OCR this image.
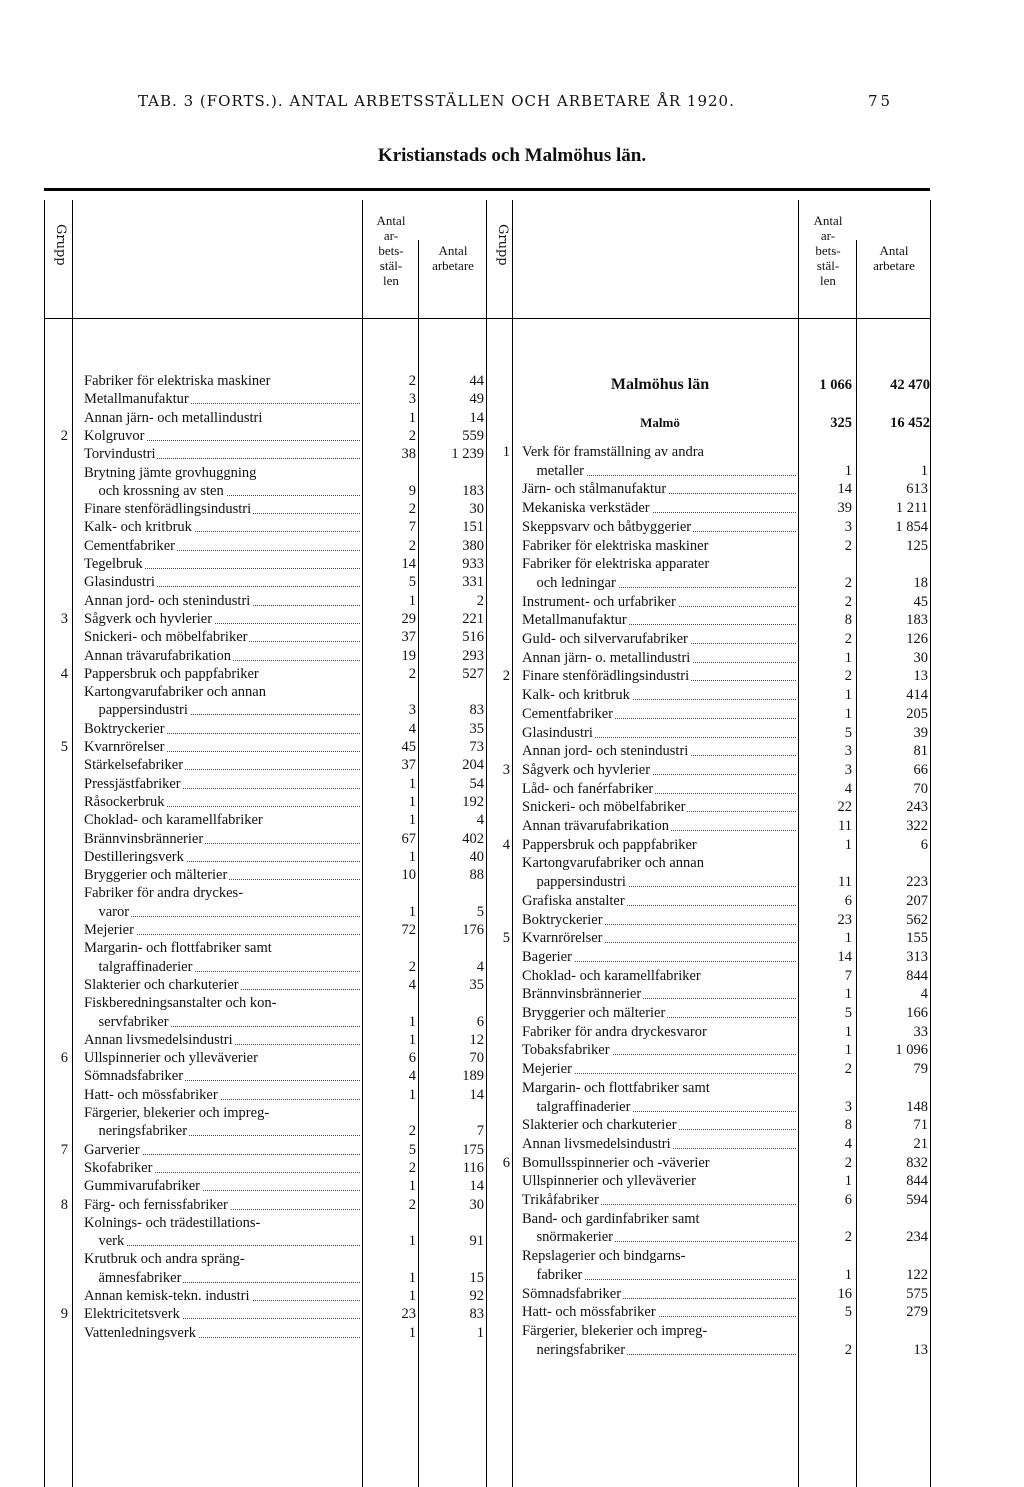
TAB. 3 (FORTS.). ANTAL ARBETSSTÄLLEN OCH ARBETARE ÅR 1920.	75
Kristianstads och Malmöhus län.
Grupp	Grupp
Antal
ar-
bets-
stäl-
len
Antal
arbetare
Antal
ar-
bets-
stäl-
len
Antal
arbetare
Malmöhus län	1 066	42 470
Malmö	325	16 452
Fabriker för elektriska maskiner	2	44
Metallmanufaktur	3	49
Annan järn- och metallindustri	1	14
2 Kolgruvor	2	559
Torvindustri	38	1 239
Brytning jämte grovhuggning
och krossning av sten	9	183
Finare stenförädlingsindustri	2	30
Kalk- och kritbruk	7	151
Cementfabriker	2	380
Tegelbruk	14	933
Glasindustri	5	331
Annan jord- och stenindustri	1	2
3 Sågverk och hyvlerier	29	221
Snickeri- och möbelfabriker	37	516
Annan trävarufabrikation	19	293
4 Pappersbruk och pappfabriker	2	527
Kartongvarufabriker och annan
pappersindustri	3	83
Boktryckerier	4	35
5 Kvarnrörelser	45	73
Stärkelsefabriker	37	204
Pressjästfabriker	1	54
Råsockerbruk	1	192
Choklad- och karamellfabriker	1	4
Brännvinsbrännerier	67	402
Destilleringsverk	1	40
Bryggerier och mälterier	10	88
Fabriker för andra dryckes-
varor	1	5
Mejerier	72	176
Margarin- och flottfabriker samt
talgraffinaderier	2	4
Slakterier och charkuterier	4	35
Fiskberedningsanstalter och kon-
servfabriker	1	6
Annan livsmedelsindustri	1	12
6 Ullspinnerier och ylleväverier	6	70
Sömnadsfabriker	4	189
Hatt- och mössfabriker	1	14
Färgerier, blekerier och impreg-
neringsfabriker	2	7
7 Garverier	5	175
Skofabriker	2	116
Gummivarufabriker	1	14
8 Färg- och fernissfabriker	2	30
Kolnings- och trädestillations-
verk	1	91
Krutbruk och andra spräng-
ämnesfabriker	1	15
Annan kemisk-tekn. industri	1	92
9 Elektricitetsverk	23	83
Vattenledningsverk	1	1
1 Verk för framställning av andra
metaller	1	1
Järn- och stålmanufaktur	14	613
Mekaniska verkstäder	39	1 211
Skeppsvarv och båtbyggerier	3	1 854
Fabriker för elektriska maskiner	2	125
Fabriker för elektriska apparater
och ledningar	2	18
Instrument- och urfabriker	2	45
Metallmanufaktur	8	183
Guld- och silvervarufabriker	2	126
Annan järn- o. metallindustri	1	30
2 Finare stenförädlingsindustri	2	13
Kalk- och kritbruk	1	414
Cementfabriker	1	205
Glasindustri	5	39
Annan jord- och stenindustri	3	81
3 Sågverk och hyvlerier	3	66
Låd- och fanérfabriker	4	70
Snickeri- och möbelfabriker	22	243
Annan trävarufabrikation	11	322
4 Pappersbruk och pappfabriker	1	6
Kartongvarufabriker och annan
pappersindustri	11	223
Grafiska anstalter	6	207
Boktryckerier	23	562
5 Kvarnrörelser	1	155
Bagerier	14	313
Choklad- och karamellfabriker	7	844
Brännvinsbrännerier	1	4
Bryggerier och mälterier	5	166
Fabriker för andra dryckesvaror	1	33
Tobaksfabriker	1	1 096
Mejerier	2	79
Margarin- och flottfabriker samt
talgraffinaderier	3	148
Slakterier och charkuterier	8	71
Annan livsmedelsindustri	4	21
6 Bomullsspinnerier och -väverier	2	832
Ullspinnerier och ylleväverier	1	844
Trikåfabriker	6	594
Band- och gardinfabriker samt
snörmakerier	2	234
Repslagerier och bindgarns-
fabriker	1	122
Sömnadsfabriker	16	575
Hatt- och mössfabriker	5	279
Färgerier, blekerier och impreg-
neringsfabriker	2	13
